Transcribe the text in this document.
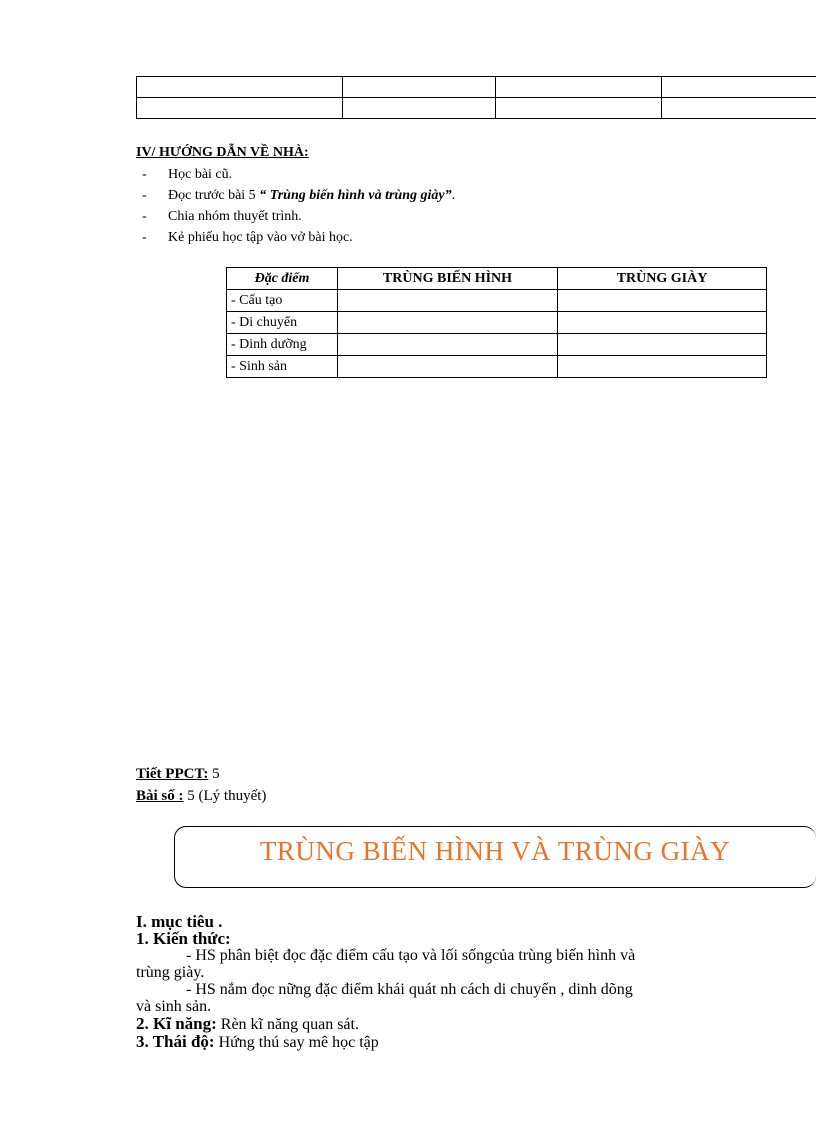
IV/ HƯỚNG DẪN VỀ NHÀ:
- Học bài cũ.
- Đọc trước bài 5 “ Trùng biến hình và trùng giày”.
- Chia nhóm thuyết trình.
- Kẻ phiếu học tập vào vở bài học.
Đặc điểm	TRÙNG BIẾN HÌNH	TRÙNG GIÀY
- Cấu tạo		
- Di chuyển		
- Dinh dưỡng		
- Sinh sản		
Tiết PPCT: 5
Bài số : 5 (Lý thuyết)
TRÙNG BIẾN HÌNH VÀ TRÙNG GIÀY
I. mục tiêu .
1. Kiến thức:
- HS phân biệt đọc đặc điểm cấu tạo và lối sốngcủa trùng biến hình và
trùng giày.
- HS nắm đọc nững đặc điểm khái quát nh cách di chuyển , dinh dõng
và sinh sản.
2. Kĩ năng: Rèn kĩ năng quan sát.
3. Thái độ: Hứng thú say mê học tập
